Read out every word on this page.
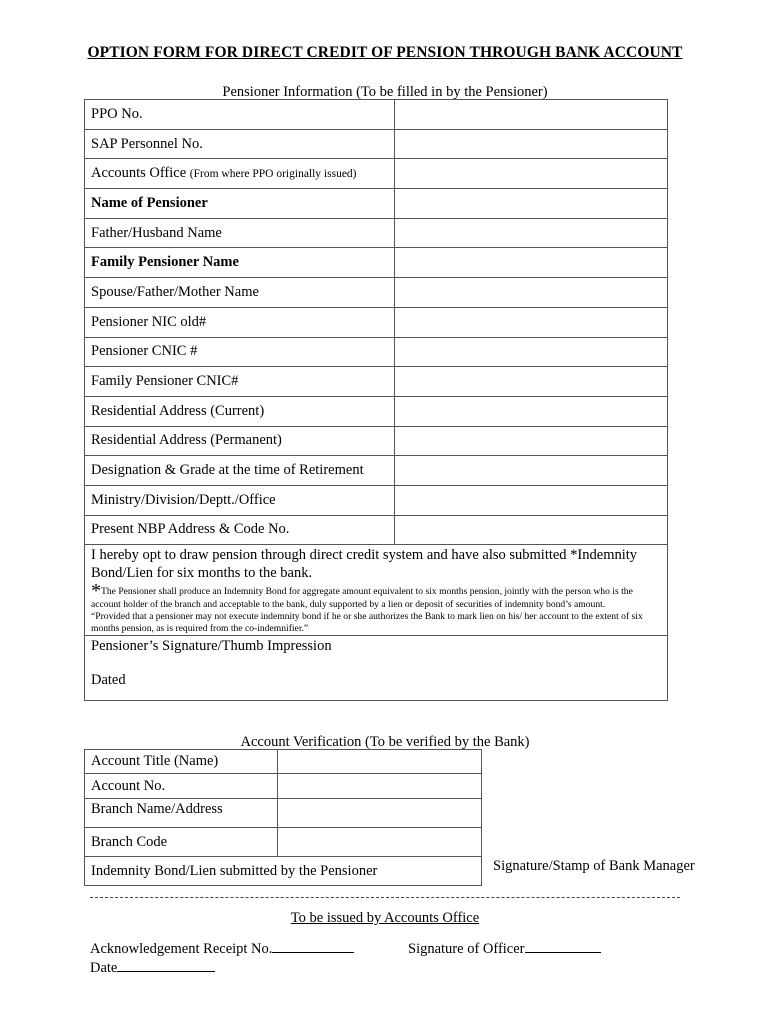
OPTION FORM FOR DIRECT CREDIT OF PENSION THROUGH BANK ACCOUNT
Pensioner Information (To be filled in by the Pensioner)
PPO No.	
SAP Personnel No.	
Accounts Office (From where PPO originally issued)	
Name of Pensioner	
Father/Husband Name	
Family Pensioner Name	
Spouse/Father/Mother Name	
Pensioner NIC old#	
Pensioner CNIC #	
Family Pensioner CNIC#	
Residential Address (Current)	
Residential Address (Permanent)	
Designation & Grade at the time of Retirement	
Ministry/Division/Deptt./Office	
Present NBP Address & Code No.	

I hereby opt to draw pension through direct credit system and have also submitted *Indemnity Bond/Lien for six months to the bank.
*The Pensioner shall produce an Indemnity Bond for aggregate amount equivalent to six months pension, jointly with the person who is the account holder of the branch and acceptable to the bank, duly supported by a lien or deposit of securities of indemnity bond’s amount.
“Provided that a pensioner may not execute indemnity bond if he or she authorizes the Bank to mark lien on his/ her account to the extent of six months pension, as is required from the co-indemnifier.”	

Pensioner’s Signature/Thumb Impression
Dated	
Account Verification (To be verified by the Bank)
Account Title (Name)	
Account No.	
Branch Name/Address	
Branch Code	
Indemnity Bond/Lien submitted by the Pensioner		Signature/Stamp of Bank Manager
To be issued by Accounts Office
Acknowledgement Receipt No.	Signature of Officer
Date
